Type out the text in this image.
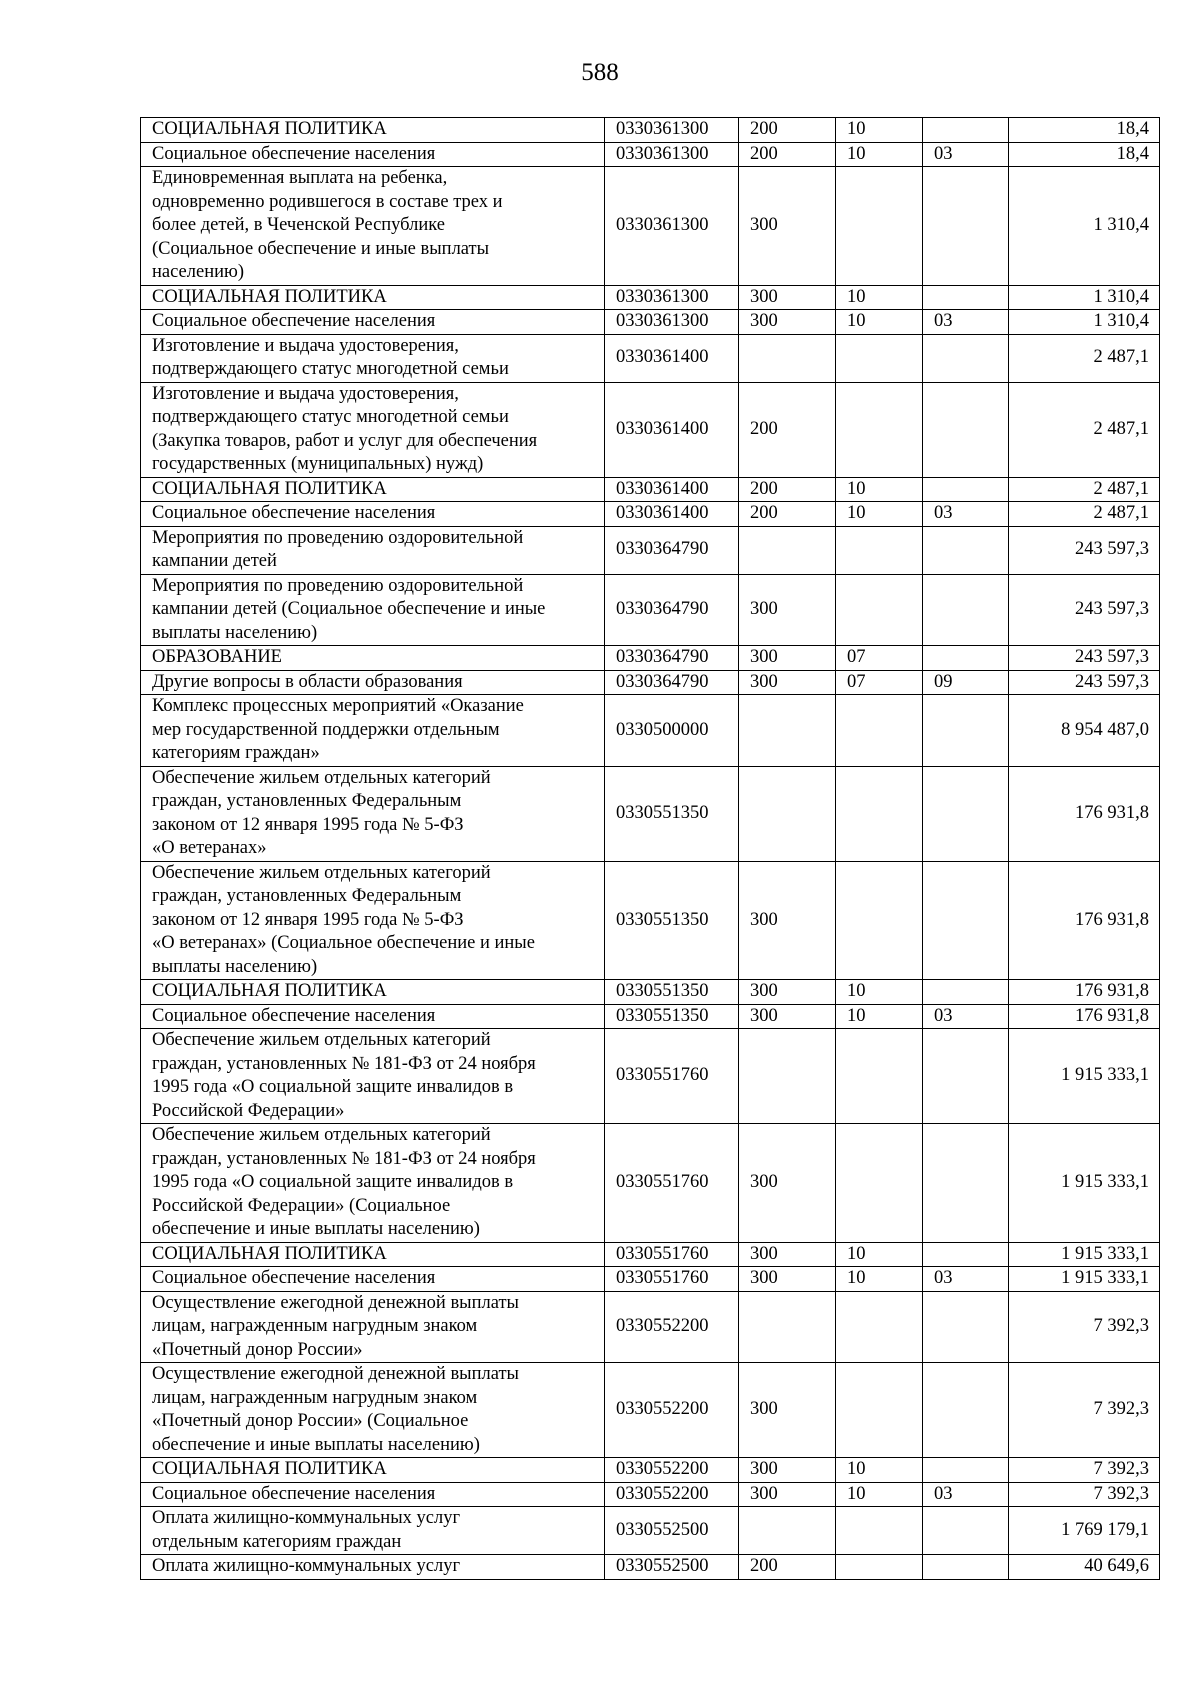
588
СОЦИАЛЬНАЯ ПОЛИТИКА	0330361300	200	10		18,4
Социальное обеспечение населения	0330361300	200	10	03	18,4
Единовременная выплата на ребенка,
одновременно родившегося в составе трех и
более детей, в Чеченской Республике
(Социальное обеспечение и иные выплаты
населению)	0330361300	300			1 310,4
СОЦИАЛЬНАЯ ПОЛИТИКА	0330361300	300	10		1 310,4
Социальное обеспечение населения	0330361300	300	10	03	1 310,4
Изготовление и выдача удостоверения,
подтверждающего статус многодетной семьи	0330361400				2 487,1
Изготовление и выдача удостоверения,
подтверждающего статус многодетной семьи
(Закупка товаров, работ и услуг для обеспечения
государственных (муниципальных) нужд)	0330361400	200			2 487,1
СОЦИАЛЬНАЯ ПОЛИТИКА	0330361400	200	10		2 487,1
Социальное обеспечение населения	0330361400	200	10	03	2 487,1
Мероприятия по проведению оздоровительной
кампании детей	0330364790				243 597,3
Мероприятия по проведению оздоровительной
кампании детей (Социальное обеспечение и иные
выплаты населению)	0330364790	300			243 597,3
ОБРАЗОВАНИЕ	0330364790	300	07		243 597,3
Другие вопросы в области образования	0330364790	300	07	09	243 597,3
Комплекс процессных мероприятий «Оказание
мер государственной поддержки отдельным
категориям граждан»	0330500000				8 954 487,0
Обеспечение жильем отдельных категорий
граждан, установленных Федеральным
законом от 12 января 1995 года № 5-ФЗ
«О ветеранах»	0330551350				176 931,8
Обеспечение жильем отдельных категорий
граждан, установленных Федеральным
законом от 12 января 1995 года № 5-ФЗ
«О ветеранах» (Социальное обеспечение и иные
выплаты населению)	0330551350	300			176 931,8
СОЦИАЛЬНАЯ ПОЛИТИКА	0330551350	300	10		176 931,8
Социальное обеспечение населения	0330551350	300	10	03	176 931,8
Обеспечение жильем отдельных категорий
граждан, установленных № 181-ФЗ от 24 ноября
1995 года «О социальной защите инвалидов в
Российской Федерации»	0330551760				1 915 333,1
Обеспечение жильем отдельных категорий
граждан, установленных № 181-ФЗ от 24 ноября
1995 года «О социальной защите инвалидов в
Российской Федерации» (Социальное
обеспечение и иные выплаты населению)	0330551760	300			1 915 333,1
СОЦИАЛЬНАЯ ПОЛИТИКА	0330551760	300	10		1 915 333,1
Социальное обеспечение населения	0330551760	300	10	03	1 915 333,1
Осуществление ежегодной денежной выплаты
лицам, награжденным нагрудным знаком
«Почетный донор России»	0330552200				7 392,3
Осуществление ежегодной денежной выплаты
лицам, награжденным нагрудным знаком
«Почетный донор России» (Социальное
обеспечение и иные выплаты населению)	0330552200	300			7 392,3
СОЦИАЛЬНАЯ ПОЛИТИКА	0330552200	300	10		7 392,3
Социальное обеспечение населения	0330552200	300	10	03	7 392,3
Оплата жилищно-коммунальных услуг
отдельным категориям граждан	0330552500				1 769 179,1
Оплата жилищно-коммунальных услуг	0330552500	200			40 649,6
